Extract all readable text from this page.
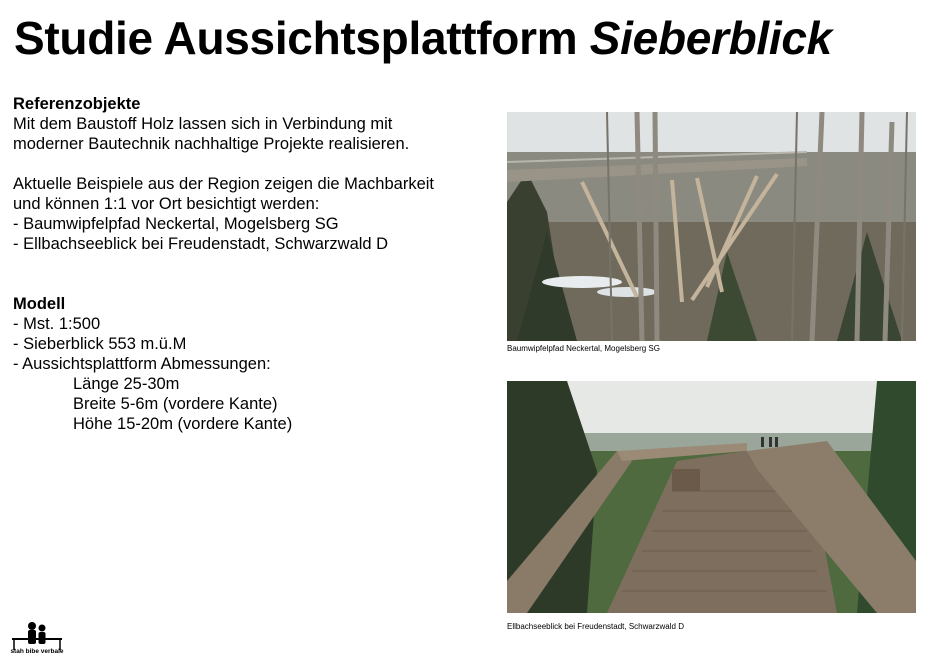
Studie Aussichtsplattform Sieberblick
Referenzobjekte
Mit dem Baustoff Holz lassen sich in Verbindung mit
moderner Bautechnik nachhaltige Projekte realisieren.
Aktuelle Beispiele aus der Region zeigen die Machbarkeit
und können 1:1 vor Ort besichtigt werden:
- Baumwipfelpfad Neckertal, Mogelsberg SG
- Ellbachseeblick bei Freudenstadt, Schwarzwald D
Modell
- Mst. 1:500
- Sieberblick 553 m.ü.M
- Aussichtsplattform Abmessungen:
Länge 25-30m
Breite 5-6m (vordere Kante)
Höhe 15-20m (vordere Kante)
Baumwipfelpfad Neckertal, Mogelsberg SG
Ellbachseeblick bei Freudenstadt, Schwarzwald D
stah bibe verbale
